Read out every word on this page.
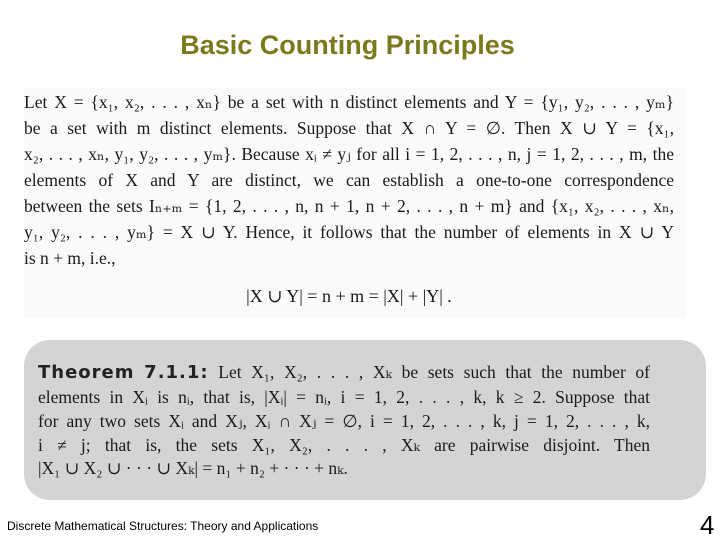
Basic Counting Principles
Let X = {x₁, x₂, . . . , xₙ} be a set with n distinct elements and Y = {y₁, y₂, . . . , yₘ}
be a set with m distinct elements. Suppose that X ∩ Y = ∅. Then X ∪ Y = {x₁,
x₂, . . . , xₙ, y₁, y₂, . . . , yₘ}. Because xᵢ ≠ yⱼ for all i = 1, 2, . . . , n, j = 1, 2, . . . , m, the
elements of X and Y are distinct, we can establish a one-to-one correspondence
between the sets Iₙ₊ₘ = {1, 2, . . . , n, n + 1, n + 2, . . . , n + m} and {x₁, x₂, . . . , xₙ,
y₁, y₂, . . . , yₘ} = X ∪ Y. Hence, it follows that the number of elements in X ∪ Y
is n + m, i.e.,
|X ∪ Y| = n + m = |X| + |Y| .
Theorem 7.1.1: Let X₁, X₂, . . . , Xₖ be sets such that the number of
elements in Xᵢ is nᵢ, that is, |Xᵢ| = nᵢ, i = 1, 2, . . . , k, k ≥ 2. Suppose that
for any two sets Xᵢ and Xⱼ, Xᵢ ∩ Xⱼ = ∅, i = 1, 2, . . . , k, j = 1, 2, . . . , k,
i ≠ j; that is, the sets X₁, X₂, . . . , Xₖ are pairwise disjoint. Then
|X₁ ∪ X₂ ∪ · · · ∪ Xₖ| = n₁ + n₂ + · · · + nₖ.
Discrete Mathematical Structures: Theory and Applications	4
